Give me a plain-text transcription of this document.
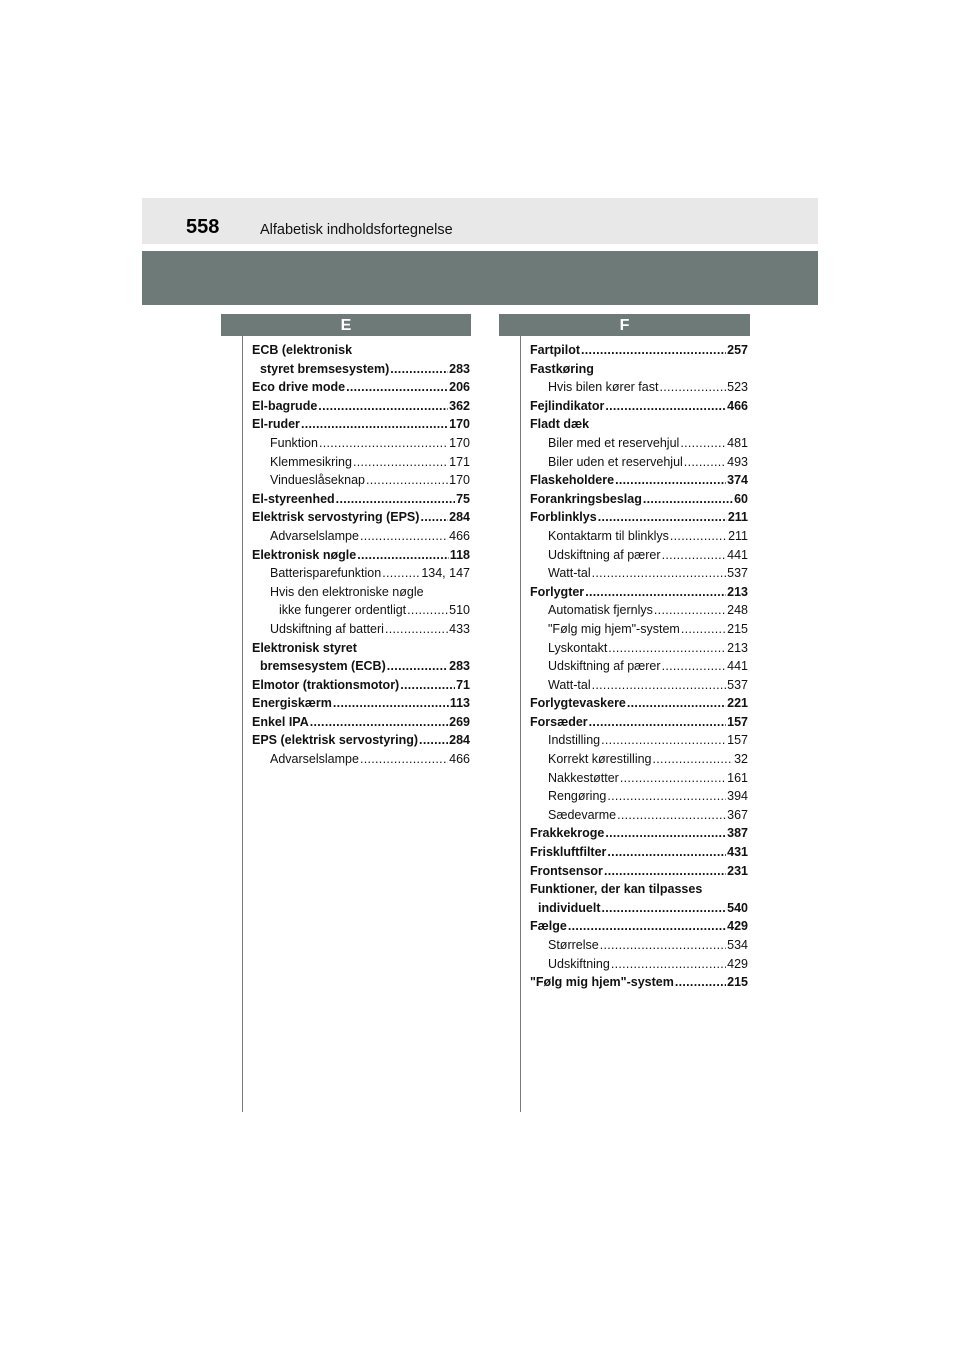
558	Alfabetisk indholdsfortegnelse
E	F
ECB (elektronisk
styret bremsesystem) .....	283
Eco drive mode .....	206
El-bagrude .....	362
El-ruder .....	170
Funktion .....	170
Klemmesikring .....	171
Vindueslåseknap .....	170
El-styreenhed .....	75
Elektrisk servostyring (EPS) ..... 284
Advarselslampe .....	466
Elektronisk nøgle .....	118
Batterisparefunktion .....	134, 147
Hvis den elektroniske nøgle
ikke fungerer ordentligt .....	510
Udskiftning af batteri .....	433
Elektronisk styret
bremsesystem (ECB) .....	283
Elmotor (traktionsmotor) .....	71
Energiskærm .....	113
Enkel IPA .....	269
EPS (elektrisk servostyring) ..... 284
Advarselslampe .....	466
Fartpilot .....	257
Fastkøring
Hvis bilen kører fast .....	523
Fejlindikator .....	466
Fladt dæk
Biler med et reservehjul .....	481
Biler uden et reservehjul .....	493
Flaskeholdere .....	374
Forankringsbeslag .....	60
Forblinklys .....	211
Kontaktarm til blinklys .....	211
Udskiftning af pærer .....	441
Watt-tal .....	537
Forlygter .....	213
Automatisk fjernlys .....	248
"Følg mig hjem"-system .....	215
Lyskontakt .....	213
Udskiftning af pærer .....	441
Watt-tal .....	537
Forlygtevaskere .....	221
Forsæder .....	157
Indstilling .....	157
Korrekt kørestilling .....	32
Nakkestøtter .....	161
Rengøring .....	394
Sædevarme .....	367
Frakkekroge .....	387
Friskluftfilter .....	431
Frontsensor .....	231
Funktioner, der kan tilpasses
individuelt .....	540
Fælge .....	429
Størrelse .....	534
Udskiftning .....	429
"Følg mig hjem"-system .....	215
